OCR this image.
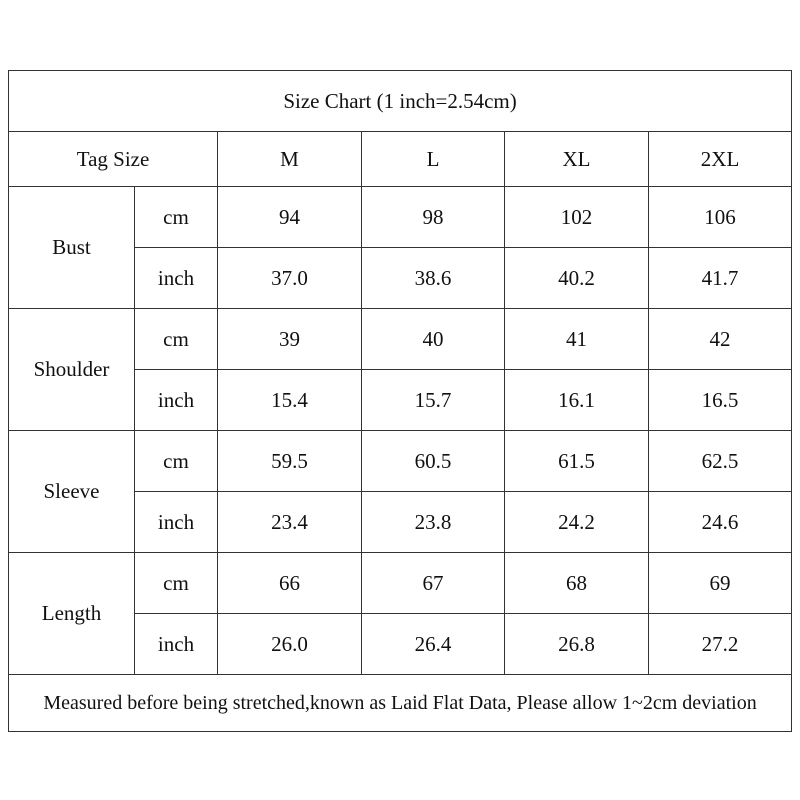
Size Chart (1 inch=2.54cm)					
Tag Size		M	L	XL	2XL
Bust	cm	94	98	102	106
	inch	37.0	38.6	40.2	41.7
Shoulder	cm	39	40	41	42
	inch	15.4	15.7	16.1	16.5
Sleeve	cm	59.5	60.5	61.5	62.5
	inch	23.4	23.8	24.2	24.6
Length	cm	66	67	68	69
	inch	26.0	26.4	26.8	27.2
Measured before being stretched,known as Laid Flat Data, Please allow 1~2cm deviation					
